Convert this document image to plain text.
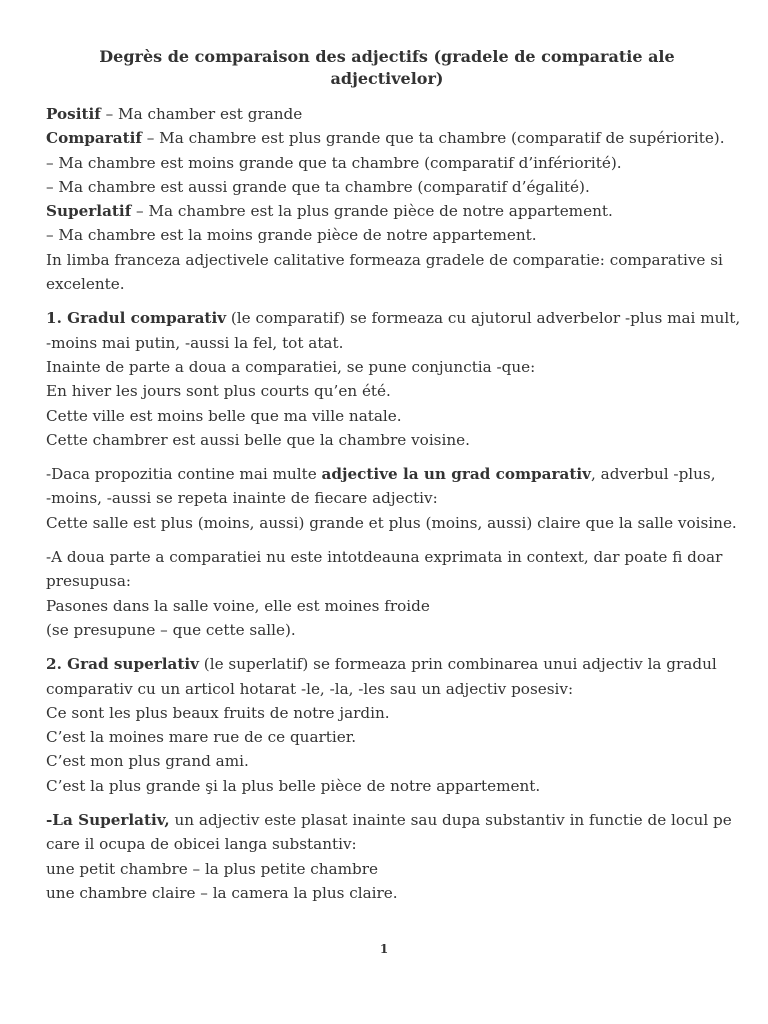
Degrès de comparaison des adjectifs (gradele de comparatie ale adjectivelor)
Positif – Ma chamber est grande
Comparatif – Ma chambre est plus grande que ta chambre (comparatif de supériorite).
– Ma chambre est moins grande que ta chambre (comparatif d’infériorité).
– Ma chambre est aussi grande que ta chambre (comparatif d’égalité).
Superlatif – Ma chambre est la plus grande pièce de notre appartement.
– Ma chambre est la moins grande pièce de notre appartement.
In limba franceza adjectivele calitative formeaza gradele de comparatie: comparative si
excelente.
1. Gradul comparativ (le comparatif) se formeaza cu ajutorul adverbelor -plus mai mult,
-moins mai putin, -aussi la fel, tot atat.
Inainte de parte a doua a comparatiei, se pune conjunctia -que:
En hiver les jours sont plus courts qu’en été.
Cette ville est moins belle que ma ville natale.
Cette chambrer est aussi belle que la chambre voisine.
-Daca propozitia contine mai multe adjective la un grad comparativ, adverbul -plus,
-moins, -aussi se repeta inainte de fiecare adjectiv:
Cette salle est plus (moins, aussi) grande et plus (moins, aussi) claire que la salle voisine.
-A doua parte a comparatiei nu este intotdeauna exprimata in context, dar poate fi doar
presupusa:
Pasones dans la salle voine, elle est moines froide
(se presupune – que cette salle).
2. Grad superlativ (le superlatif) se formeaza prin combinarea unui adjectiv la gradul
comparativ cu un articol hotarat -le, -la, -les sau un adjectiv posesiv:
Ce sont les plus beaux fruits de notre jardin.
C’est la moines mare rue de ce quartier.
C’est mon plus grand ami.
C’est la plus grande şi la plus belle pièce de notre appartement.
-La Superlativ, un adjectiv este plasat inainte sau dupa substantiv in functie de locul pe
care il ocupa de obicei langa substantiv:
une petit chambre – la plus petite chambre
une chambre claire – la camera la plus claire.
1
